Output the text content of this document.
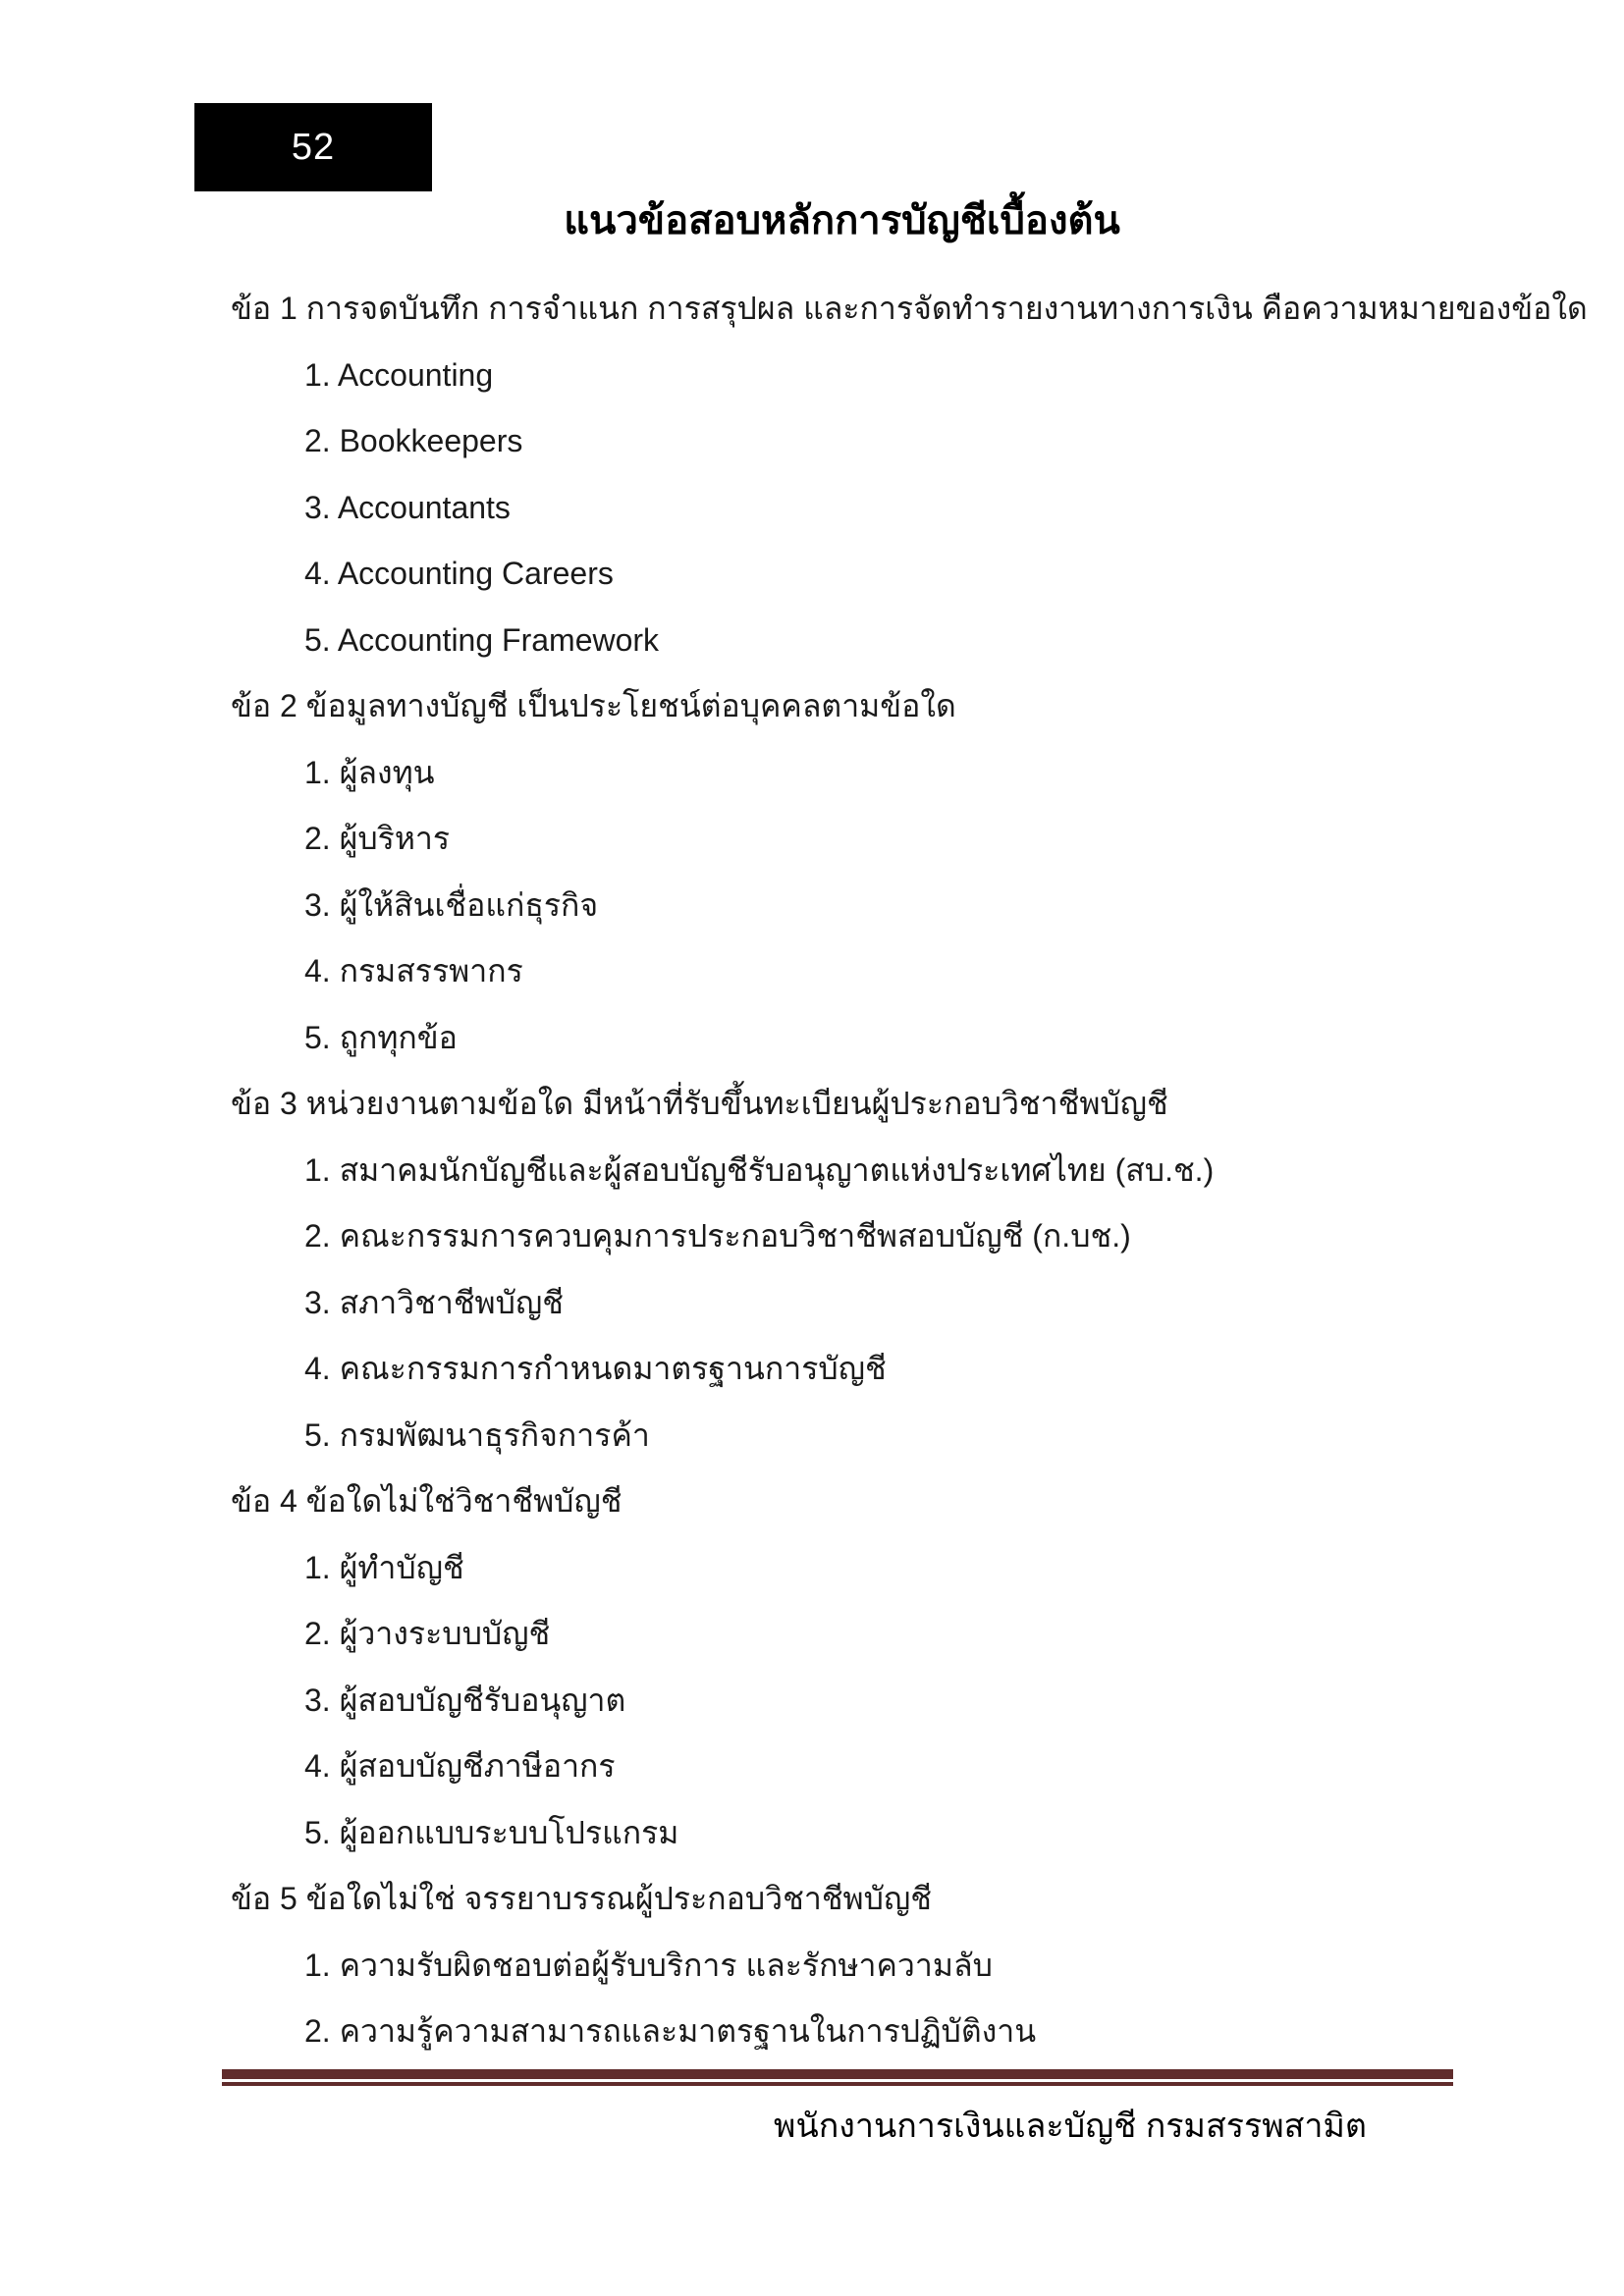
52
แนวข้อสอบหลักการบัญชีเบื้องต้น
ข้อ 1 การจดบันทึก การจำแนก การสรุปผล และการจัดทำรายงานทางการเงิน คือความหมายของข้อใด
1. Accounting
2. Bookkeepers
3. Accountants
4. Accounting Careers
5. Accounting Framework
ข้อ 2 ข้อมูลทางบัญชี เป็นประโยชน์ต่อบุคคลตามข้อใด
1. ผู้ลงทุน
2. ผู้บริหาร
3. ผู้ให้สินเชื่อแก่ธุรกิจ
4. กรมสรรพากร
5. ถูกทุกข้อ
ข้อ 3 หน่วยงานตามข้อใด มีหน้าที่รับขึ้นทะเบียนผู้ประกอบวิชาชีพบัญชี
1. สมาคมนักบัญชีและผู้สอบบัญชีรับอนุญาตแห่งประเทศไทย (สบ.ช.)
2. คณะกรรมการควบคุมการประกอบวิชาชีพสอบบัญชี (ก.บช.)
3. สภาวิชาชีพบัญชี
4. คณะกรรมการกำหนดมาตรฐานการบัญชี
5. กรมพัฒนาธุรกิจการค้า
ข้อ 4 ข้อใดไม่ใช่วิชาชีพบัญชี
1. ผู้ทำบัญชี
2. ผู้วางระบบบัญชี
3. ผู้สอบบัญชีรับอนุญาต
4. ผู้สอบบัญชีภาษีอากร
5. ผู้ออกแบบระบบโปรแกรม
ข้อ 5 ข้อใดไม่ใช่ จรรยาบรรณผู้ประกอบวิชาชีพบัญชี
1. ความรับผิดชอบต่อผู้รับบริการ และรักษาความลับ
2. ความรู้ความสามารถและมาตรฐานในการปฏิบัติงาน
พนักงานการเงินและบัญชี กรมสรรพสามิต
